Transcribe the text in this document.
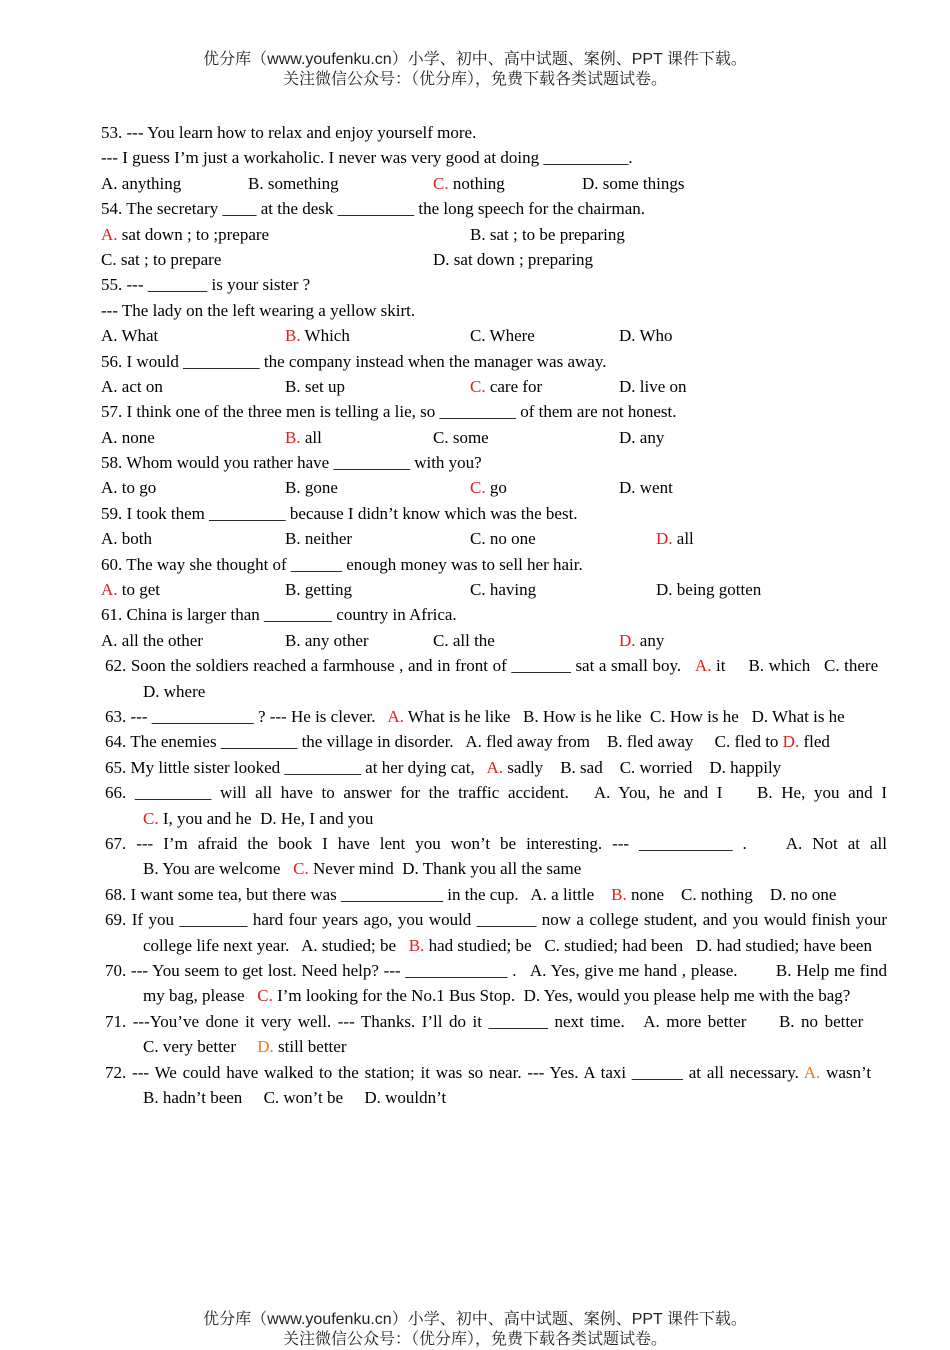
优分库（www.youfenku.cn）小学、初中、高中试题、案例、PPT 课件下载。
关注微信公众号：（优分库），免费下载各类试题试卷。
53. --- You learn how to relax and enjoy yourself more.
--- I guess I’m just a workaholic. I never was very good at doing __________.
A. anything	B. something	C. nothing	D. some things
54. The secretary ____ at the desk _________ the long speech for the chairman.
A. sat down ; to ;prepare	B. sat ; to be preparing
C. sat ; to prepare	D. sat down ; preparing
55. --- _______ is your sister ?
--- The lady on the left wearing a yellow skirt.
A. What	B. Which	C. Where	D. Who
56. I would _________ the company instead when the manager was away.
A. act on	B. set up	C. care for	D. live on
57. I think one of the three men is telling a lie, so _________ of them are not honest.
A. none	B. all	C. some	D. any
58. Whom would you rather have _________ with you?
A. to go	B. gone	C. go	D. went
59. I took them _________ because I didn’t know which was the best.
A. both	B. neither	C. no one	D. all
60. The way she thought of ______ enough money was to sell her hair.
A. to get	B. getting	C. having	D. being gotten
61. China is larger than ________ country in Africa.
A. all the other	B. any other	C. all the	D. any
62. Soon the soldiers reached a farmhouse , and in front of _______ sat a small boy. A. it B. which C. there   D. where
63. --- ____________ ? --- He is clever. A. What is he like B. How is he like C. How is he D. What is he
64. The enemies _________ the village in disorder. A. fled away from B. fled away C. fled to D. fled
65. My little sister looked _________ at her dying cat, A. sadly B. sad C. worried D. happily
66. _________ will all have to answer for the traffic accident. A. You, he and I B. He, you and I C. I, you and he D. He, I and you
67. --- I’m afraid the book I have lent you won’t be interesting. --- ___________ . A. Not at all B. You are welcome C. Never mind D. Thank you all the same
68. I want some tea, but there was ____________ in the cup. A. a little B. none C. nothing D. no one
69. If you ________ hard four years ago, you would _______ now a college student, and you would finish your college life next year. A. studied; be B. had studied; be C. studied; had been D. had studied; have been
70. --- You seem to get lost. Need help? --- ____________ . A. Yes, give me hand , please. B. Help me find my bag, please C. I’m looking for the No.1 Bus Stop. D. Yes, would you please help me with the bag?
71. ---You’ve done it very well. --- Thanks. I’ll do it _______ next time. A. more better B. no better     C. very better D. still better
72. --- We could have walked to the station; it was so near. --- Yes. A taxi ______ at all necessary. A. wasn’t    B. hadn’t been C. won’t be D. wouldn’t
优分库（www.youfenku.cn）小学、初中、高中试题、案例、PPT 课件下载。
关注微信公众号：（优分库），免费下载各类试题试卷。
